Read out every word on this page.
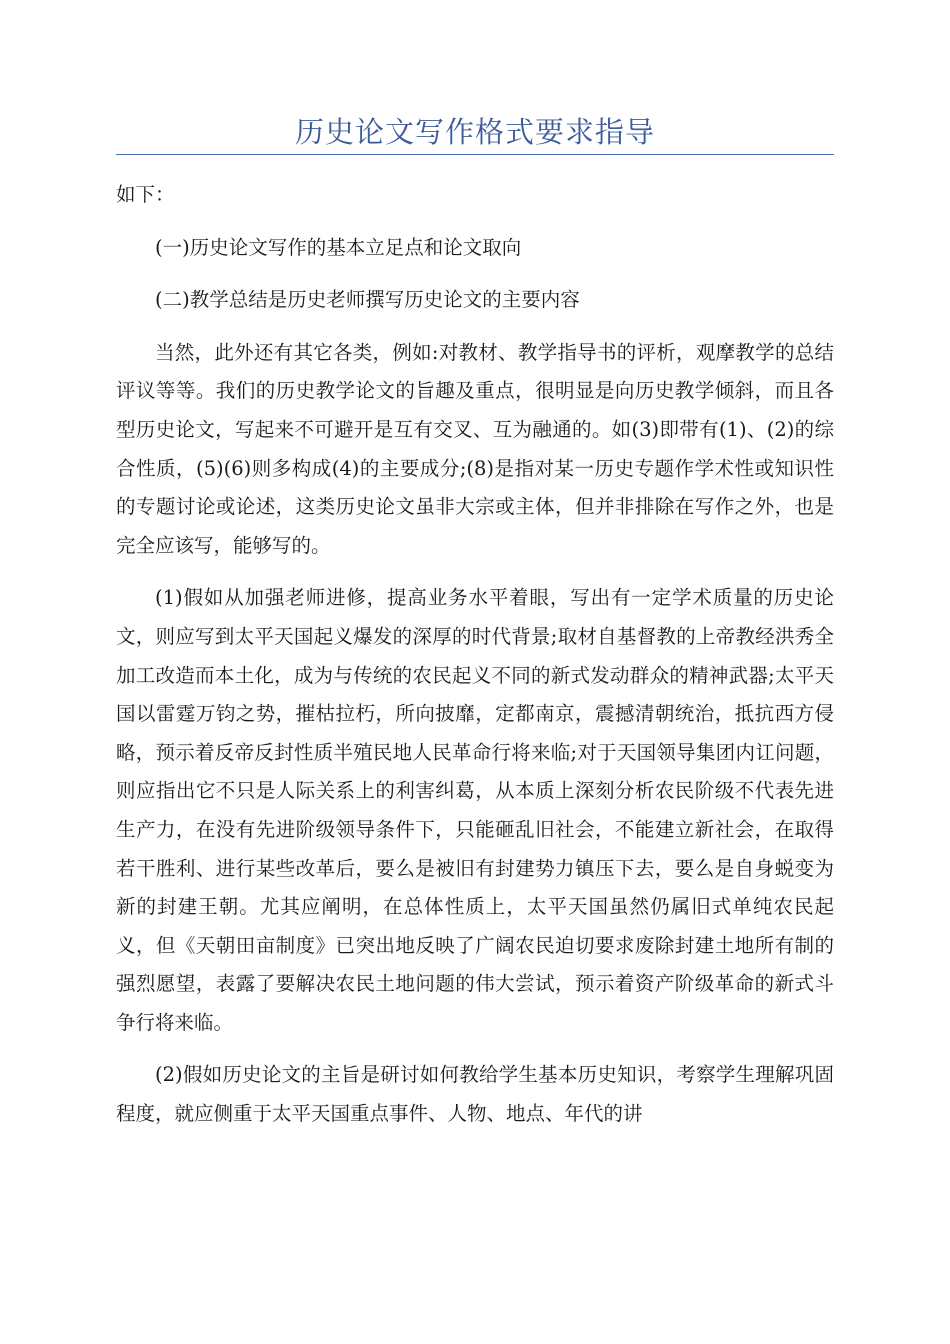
历史论文写作格式要求指导

如下：

(一)历史论文写作的基本立足点和论文取向

(二)教学总结是历史老师撰写历史论文的主要内容

当然，此外还有其它各类，例如:对教材、教学指导书的评析，观摩教学的总结评议等等。我们的历史教学论文的旨趣及重点，很明显是向历史教学倾斜，而且各型历史论文，写起来不可避开是互有交叉、互为融通的。如(3)即带有(1)、(2)的综合性质，(5)(6)则多构成(4)的主要成分;(8)是指对某一历史专题作学术性或知识性的专题讨论或论述，这类历史论文虽非大宗或主体，但并非排除在写作之外，也是完全应该写，能够写的。

(1)假如从加强老师进修，提高业务水平着眼，写出有一定学术质量的历史论文，则应写到太平天国起义爆发的深厚的时代背景;取材自基督教的上帝教经洪秀全加工改造而本土化，成为与传统的农民起义不同的新式发动群众的精神武器;太平天国以雷霆万钧之势，摧枯拉朽，所向披靡，定都南京，震撼清朝统治，抵抗西方侵略，预示着反帝反封性质半殖民地人民革命行将来临;对于天国领导集团内讧问题，则应指出它不只是人际关系上的利害纠葛，从本质上深刻分析农民阶级不代表先进生产力，在没有先进阶级领导条件下，只能砸乱旧社会，不能建立新社会，在取得若干胜利、进行某些改革后，要么是被旧有封建势力镇压下去，要么是自身蜕变为新的封建王朝。尤其应阐明，在总体性质上，太平天国虽然仍属旧式单纯农民起义，但《天朝田亩制度》已突出地反映了广阔农民迫切要求废除封建土地所有制的强烈愿望，表露了要解决农民土地问题的伟大尝试，预示着资产阶级革命的新式斗争行将来临。

(2)假如历史论文的主旨是研讨如何教给学生基本历史知识，考察学生理解巩固程度，就应侧重于太平天国重点事件、人物、地点、年代的讲
